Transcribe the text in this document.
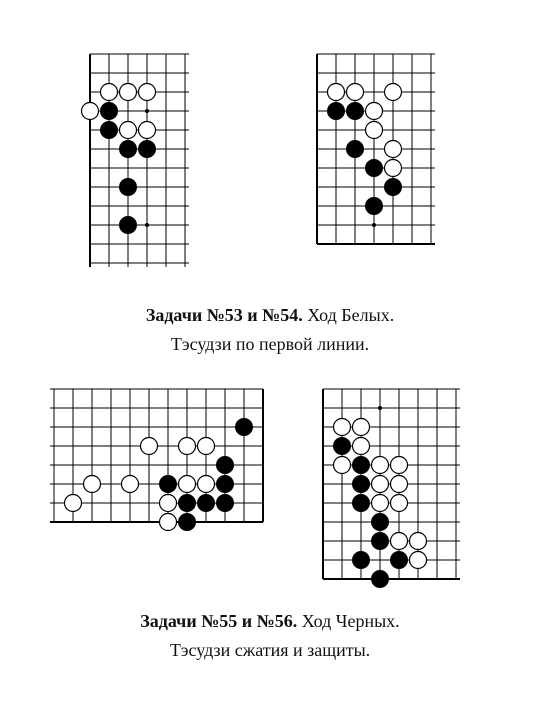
Задачи №53 и №54. Ход Белых.

Тэсудзи по первой линии.

Задачи №55 и №56. Ход Черных.

Тэсудзи сжатия и защиты.
